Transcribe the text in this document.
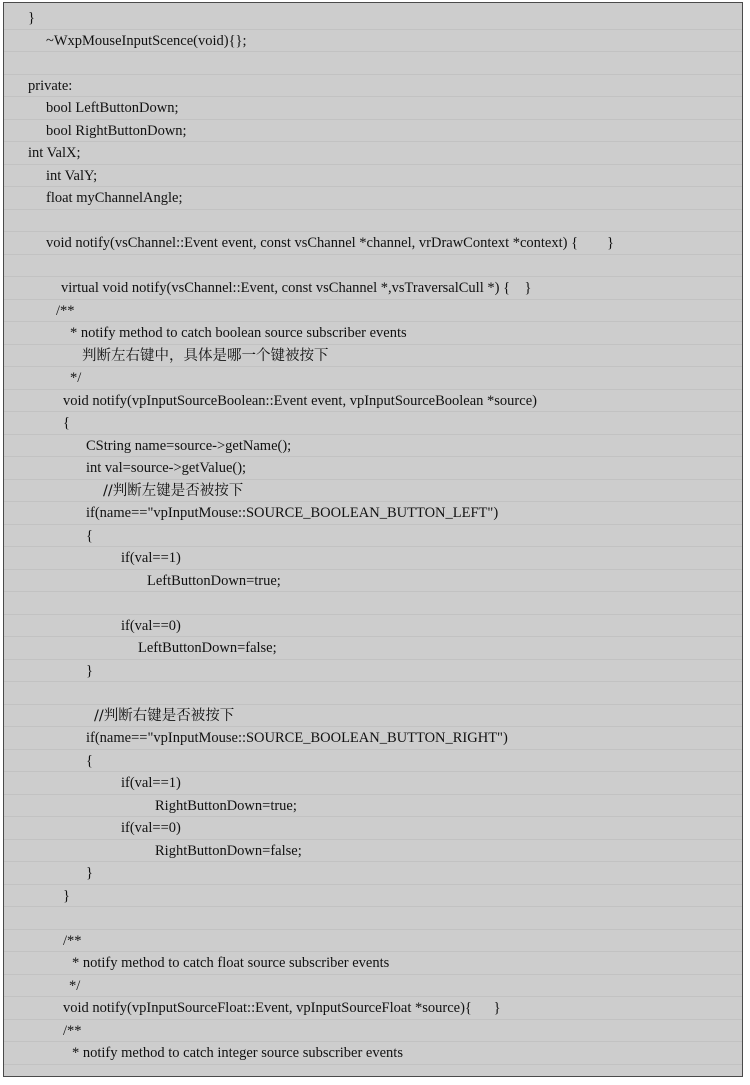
}
~WxpMouseInputScence(void){};
private:
bool LeftButtonDown;
bool RightButtonDown;
int ValX;
int ValY;
float myChannelAngle;
void notify(vsChannel::Event event, const vsChannel *channel, vrDrawContext *context) {        }
virtual void notify(vsChannel::Event, const vsChannel *,vsTraversalCull *) {    }
/**
* notify method to catch boolean source subscriber events
判断左右键中，具体是哪一个键被按下
*/
void notify(vpInputSourceBoolean::Event event, vpInputSourceBoolean *source)
{
CString name=source->getName();
int val=source->getValue();
//判断左键是否被按下
if(name=="vpInputMouse::SOURCE_BOOLEAN_BUTTON_LEFT")
{
if(val==1)
LeftButtonDown=true;
if(val==0)
LeftButtonDown=false;
}
//判断右键是否被按下
if(name=="vpInputMouse::SOURCE_BOOLEAN_BUTTON_RIGHT")
{
if(val==1)
RightButtonDown=true;
if(val==0)
RightButtonDown=false;
}
}
/**
* notify method to catch float source subscriber events
*/
void notify(vpInputSourceFloat::Event, vpInputSourceFloat *source){      }
/**
* notify method to catch integer source subscriber events
